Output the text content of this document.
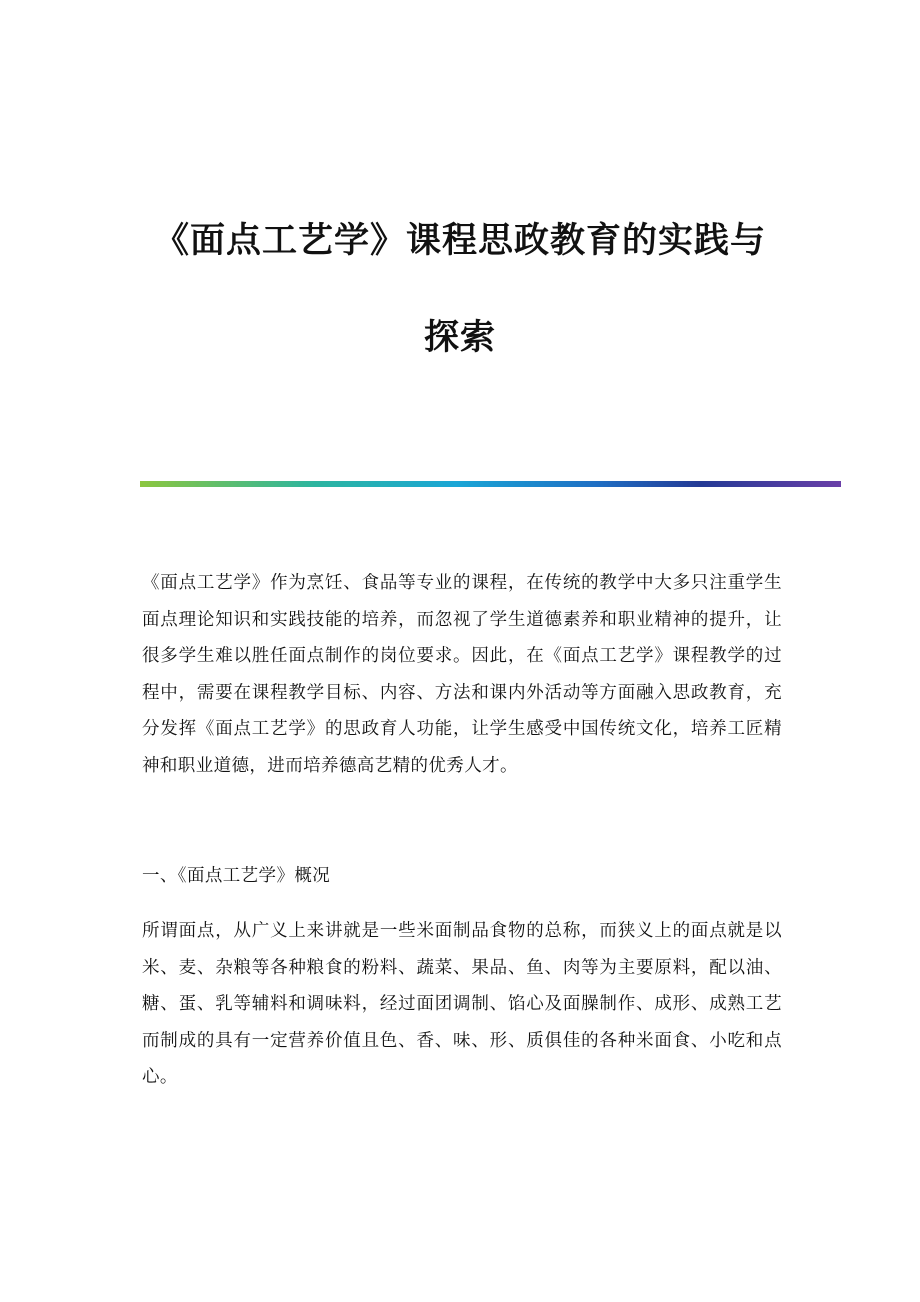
《面点工艺学》课程思政教育的实践与
探索

《面点工艺学》作为烹饪、食品等专业的课程，在传统的教学中大多只注重学生面点理论知识和实践技能的培养，而忽视了学生道德素养和职业精神的提升，让很多学生难以胜任面点制作的岗位要求。因此，在《面点工艺学》课程教学的过程中，需要在课程教学目标、内容、方法和课内外活动等方面融入思政教育，充分发挥《面点工艺学》的思政育人功能，让学生感受中国传统文化，培养工匠精神和职业道德，进而培养德高艺精的优秀人才。

一、《面点工艺学》概况

所谓面点，从广义上来讲就是一些米面制品食物的总称，而狭义上的面点就是以米、麦、杂粮等各种粮食的粉料、蔬菜、果品、鱼、肉等为主要原料，配以油、糖、蛋、乳等辅料和调味料，经过面团调制、馅心及面臊制作、成形、成熟工艺而制成的具有一定营养价值且色、香、味、形、质俱佳的各种米面食、小吃和点心。
